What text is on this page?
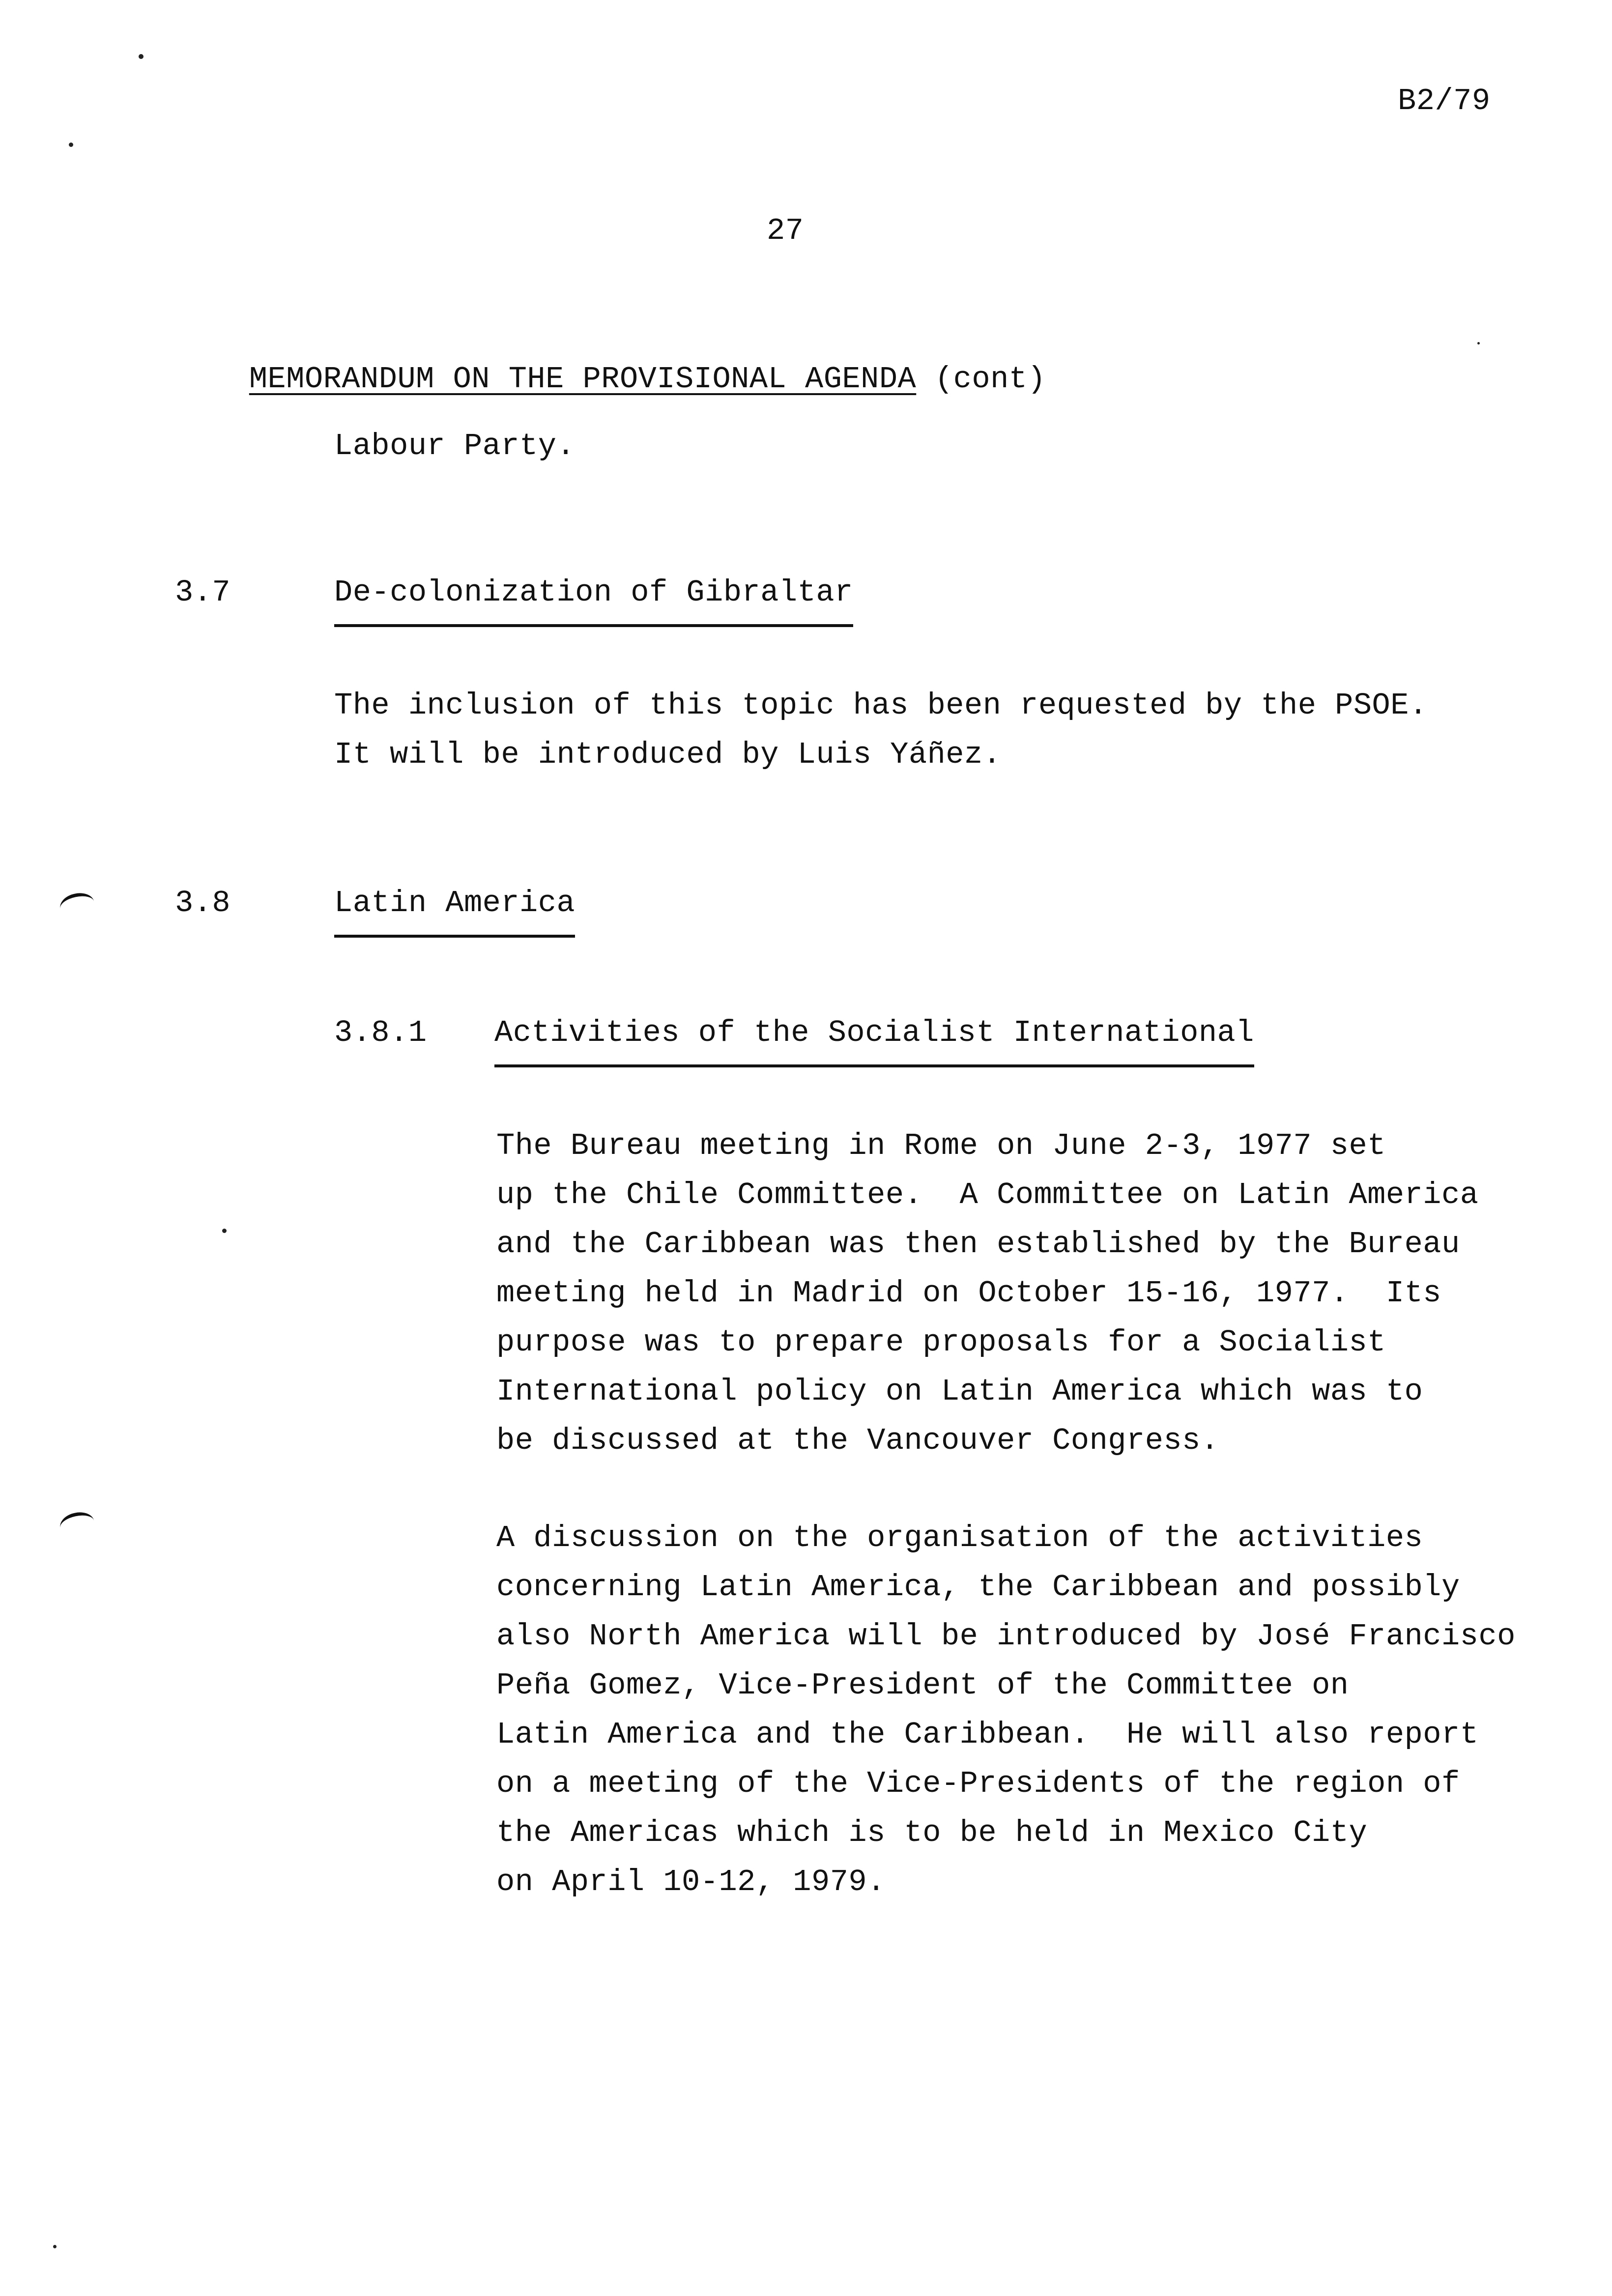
B2/79
27

MEMORANDUM ON THE PROVISIONAL AGENDA (cont)

Labour Party.
3.7	De-colonization of Gibraltar
The inclusion of this topic has been requested by the PSOE.
It will be introduced by Luis Yáñez.
3.8	Latin America
3.8.1 Activities of the Socialist International
The Bureau meeting in Rome on June 2-3, 1977 set
up the Chile Committee.  A Committee on Latin America
and the Caribbean was then established by the Bureau
meeting held in Madrid on October 15-16, 1977.  Its
purpose was to prepare proposals for a Socialist
International policy on Latin America which was to
be discussed at the Vancouver Congress.
A discussion on the organisation of the activities
concerning Latin America, the Caribbean and possibly
also North America will be introduced by José Francisco
Peña Gomez, Vice-President of the Committee on
Latin America and the Caribbean.  He will also report
on a meeting of the Vice-Presidents of the region of
the Americas which is to be held in Mexico City
on April 10-12, 1979.
